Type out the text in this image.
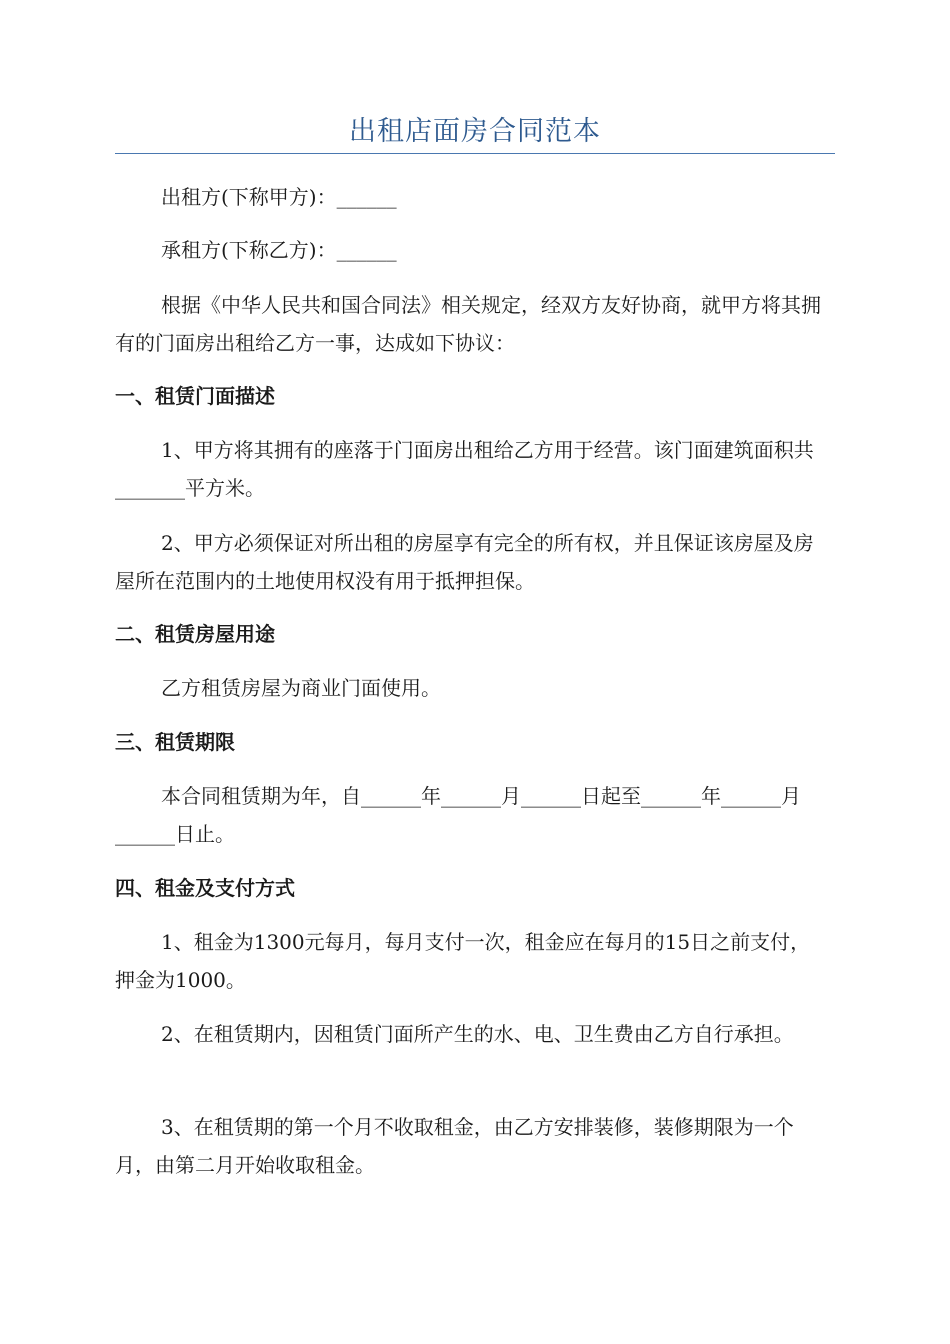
出租店面房合同范本

出租方(下称甲方)：______

承租方(下称乙方)：______

根据《中华人民共和国合同法》相关规定，经双方友好协商，就甲方将其拥有的门面房出租给乙方一事，达成如下协议：

一、租赁门面描述

1、甲方将其拥有的座落于门面房出租给乙方用于经营。该门面建筑面积共_______平方米。

2、甲方必须保证对所出租的房屋享有完全的所有权，并且保证该房屋及房屋所在范围内的土地使用权没有用于抵押担保。

二、租赁房屋用途

乙方租赁房屋为商业门面使用。

三、租赁期限

本合同租赁期为年，自______年______月______日起至______年______月______日止。

四、租金及支付方式

1、租金为1300元每月，每月支付一次，租金应在每月的15日之前支付，押金为1000。

2、在租赁期内，因租赁门面所产生的水、电、卫生费由乙方自行承担。

3、在租赁期的第一个月不收取租金，由乙方安排装修，装修期限为一个月，由第二月开始收取租金。
